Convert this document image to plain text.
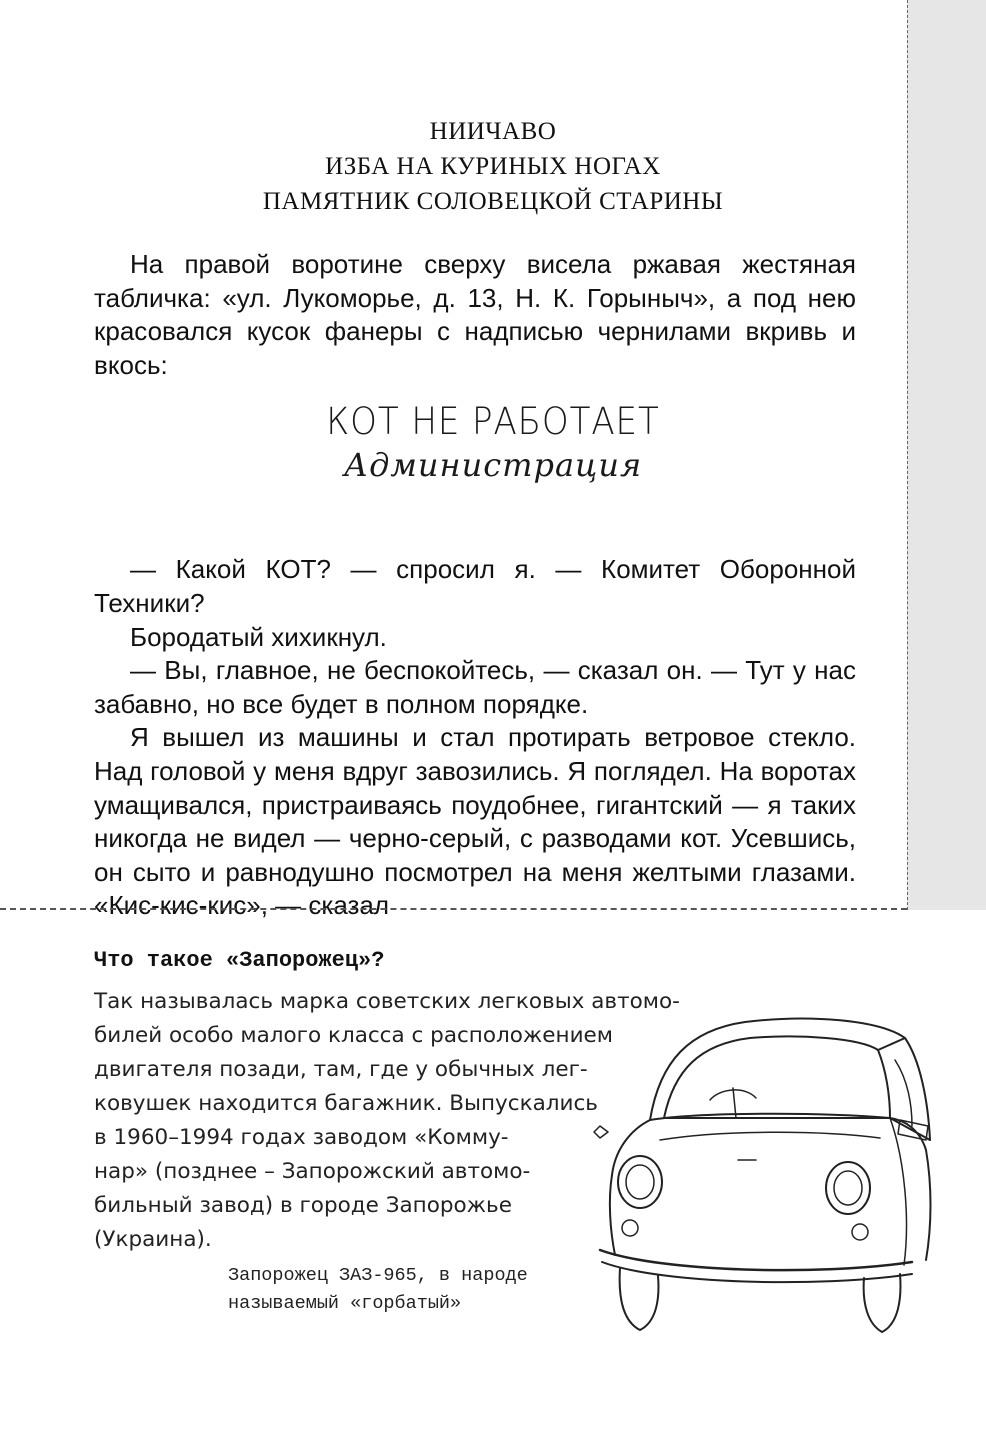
НИИЧАВО
ИЗБА НА КУРИНЫХ НОГАХ
ПАМЯТНИК СОЛОВЕЦКОЙ СТАРИНЫ

На правой воротине сверху висела ржавая жестяная табличка: «ул. Лукоморье, д. 13, Н. К. Горыныч», а под нею красовался кусок фанеры с надписью чернилами вкривь и вкось:

— Какой КОТ? — спросил я. — Комитет Оборонной Техники?

Бородатый хихикнул.

— Вы, главное, не беспокойтесь, — сказал он. — Тут у нас забавно, но все будет в полном порядке.

Я вышел из машины и стал протирать ветровое стекло. Над головой у меня вдруг завозились. Я поглядел. На воротах умащивался, пристраиваясь поудобнее, гигантский — я таких никогда не видел — черно-серый, с разводами кот. Усевшись, он сыто и равнодушно посмотрел на меня желтыми глазами. «Кис-кис-кис», — сказал

КОТ НЕ РАБОТАЕТ
Администрация
Что такое «Запорожец»?
Так называлась марка советских легковых автомо-
билей особо малого класса с расположением
двигателя позади, там, где у обычных лег-
ковушек находится багажник. Выпускались
в 1960–1994 годах заводом «Комму-
нар» (позднее – Запорожский автомо-
бильный завод) в городе Запорожье
(Украина).
Запорожец ЗАЗ-965, в народе
называемый «горбатый»
